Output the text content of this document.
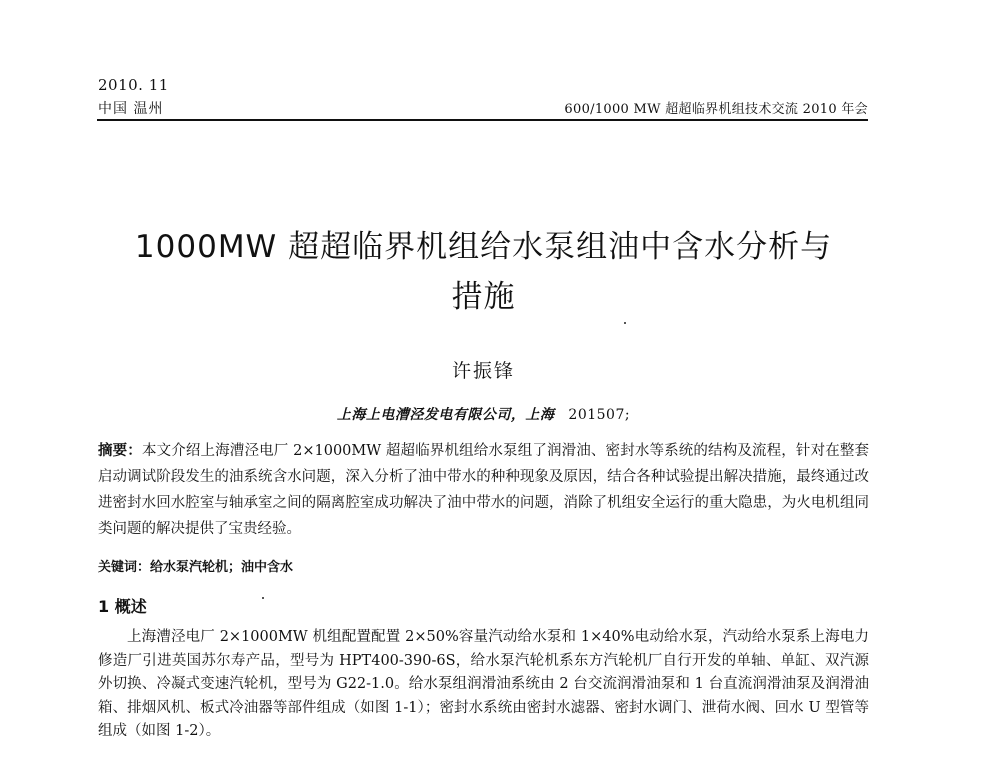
2010. 11
中国 温州	600/1000 MW 超超临界机组技术交流 2010 年会
1000MW 超超临界机组给水泵组油中含水分析与
措施
许振锋
上海上电漕泾发电有限公司，上海 201507;
摘要：本文介绍上海漕泾电厂 2×1000MW 超超临界机组给水泵组了润滑油、密封水等系统的结构及流程，针对在整套启动调试阶段发生的油系统含水问题，深入分析了油中带水的种种现象及原因，结合各种试验提出解决措施，最终通过改进密封水回水腔室与轴承室之间的隔离腔室成功解决了油中带水的问题，消除了机组安全运行的重大隐患，为火电机组同类问题的解决提供了宝贵经验。
关键词：给水泵汽轮机；油中含水
1 概述
上海漕泾电厂 2×1000MW 机组配置配置 2×50%容量汽动给水泵和 1×40%电动给水泵，汽动给水泵系上海电力修造厂引进英国苏尔寿产品，型号为 HPT400-390-6S，给水泵汽轮机系东方汽轮机厂自行开发的单轴、单缸、双汽源外切换、冷凝式变速汽轮机，型号为 G22-1.0。给水泵组润滑油系统由 2 台交流润滑油泵和 1 台直流润滑油泵及润滑油箱、排烟风机、板式冷油器等部件组成（如图 1-1）；密封水系统由密封水滤器、密封水调门、泄荷水阀、回水 U 型管等组成（如图 1-2）。
